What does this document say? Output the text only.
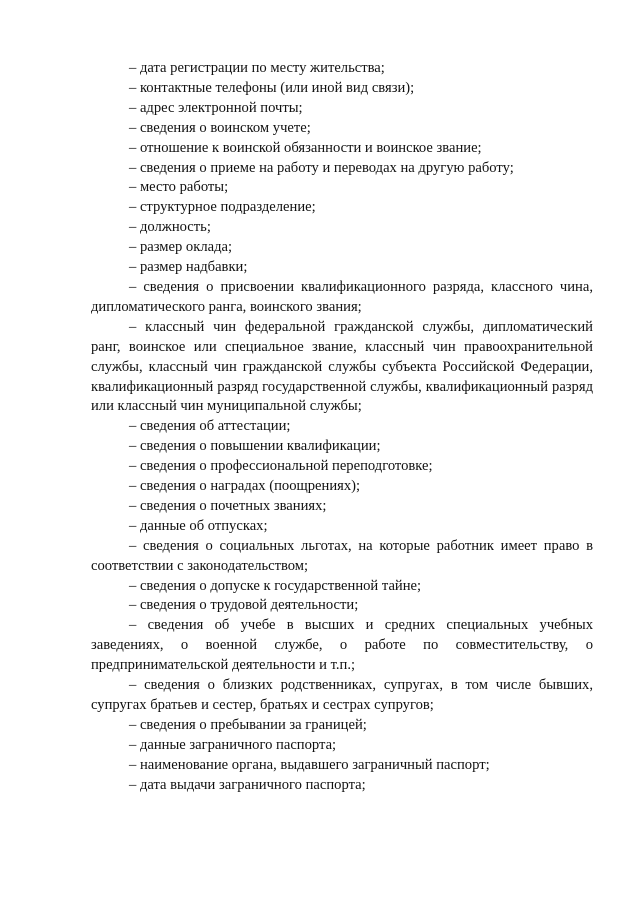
– дата регистрации по месту жительства;

– контактные телефоны (или иной вид связи);

– адрес электронной почты;

– сведения о воинском учете;

– отношение к воинской обязанности и воинское звание;

– сведения о приеме на работу и переводах на другую работу;

– место работы;

– структурное подразделение;

– должность;

– размер оклада;

– размер надбавки;

– сведения о присвоении квалификационного разряда, классного чина, дипломатического ранга, воинского звания;

– классный чин федеральной гражданской службы, дипломатический ранг, воинское или специальное звание, классный чин правоохранительной службы, классный чин гражданской службы субъекта Российской Федерации, квалификационный разряд государственной службы, квалификационный разряд или классный чин муниципальной службы;

– сведения об аттестации;

– сведения о повышении квалификации;

– сведения о профессиональной переподготовке;

– сведения о наградах (поощрениях);

– сведения о почетных званиях;

– данные об отпусках;

– сведения о социальных льготах, на которые работник имеет право в соответствии с законодательством;

– сведения о допуске к государственной тайне;

– сведения о трудовой деятельности;

– сведения об учебе в высших и средних специальных учебных заведениях, о военной службе, о работе по совместительству, о предпринимательской деятельности и т.п.;

– сведения о близких родственниках, супругах, в том числе бывших, супругах братьев и сестер, братьях и сестрах супругов;

– сведения о пребывании за границей;

– данные заграничного паспорта;

– наименование органа, выдавшего заграничный паспорт;

– дата выдачи заграничного паспорта;
